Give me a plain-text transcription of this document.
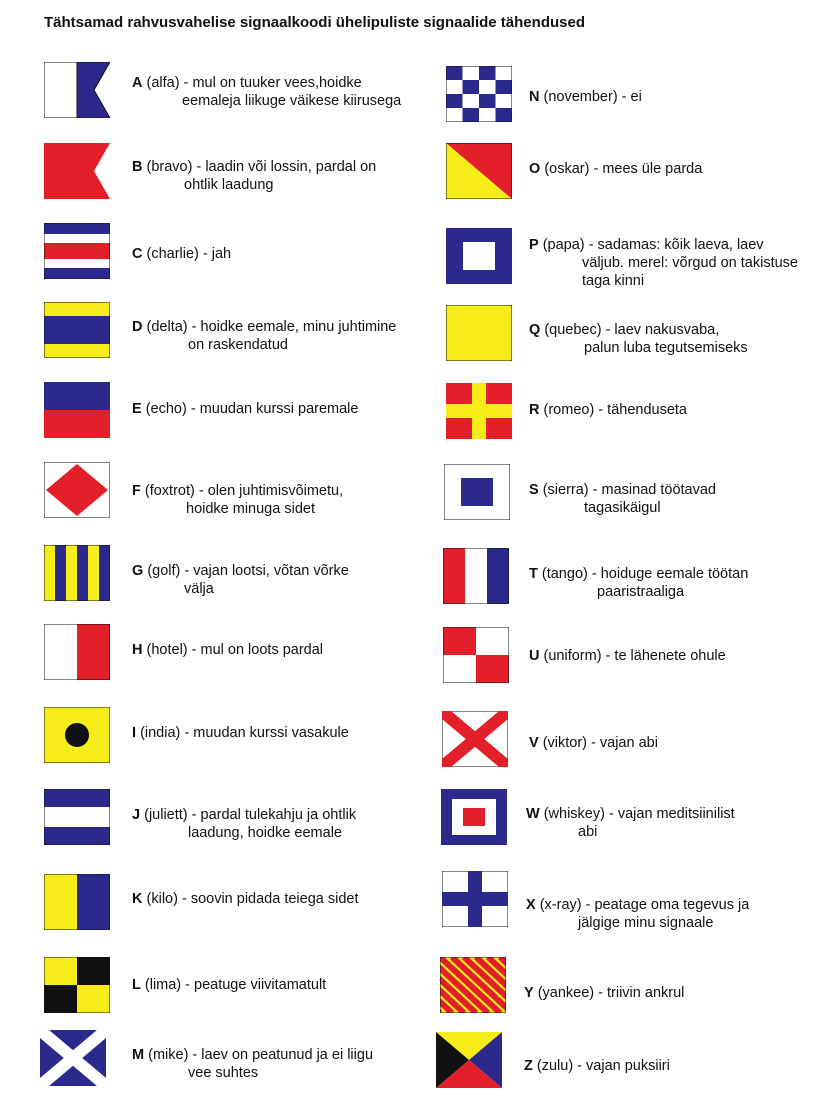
Tähtsamad rahvusvahelise signaalkoodi ühelipuliste signaalide tähendused
A (alfa) - mul on tuuker vees,hoidke
eemaleja liikuge väikese kiirusega
B (bravo) - laadin või lossin, pardal on
ohtlik laadung
C (charlie) - jah
D (delta) - hoidke eemale, minu juhtimine
on raskendatud
E (echo) - muudan kurssi paremale
F (foxtrot) - olen juhtimisvõimetu,
hoidke minuga sidet
G (golf) - vajan lootsi, võtan võrke
välja
H (hotel) - mul on loots pardal
I (india) - muudan kurssi vasakule
J (juliett) - pardal tulekahju ja ohtlik
laadung, hoidke eemale
K (kilo) - soovin pidada teiega sidet
L (lima) - peatuge viivitamatult
M (mike) - laev on peatunud ja ei liigu
vee suhtes
N (november) - ei
O (oskar) - mees üle parda
P (papa) - sadamas: kõik laeva, laev
väljub. merel: võrgud on takistuse
taga kinni
Q (quebec) - laev nakusvaba,
palun luba tegutsemiseks
R (romeo) - tähenduseta
S (sierra) - masinad töötavad
tagasikäigul
T (tango) - hoiduge eemale töötan
paaristraaliga
U (uniform) - te lähenete ohule
V (viktor) - vajan abi
W (whiskey) - vajan meditsiinilist
abi
X (x-ray) - peatage oma tegevus ja
jälgige minu signaale
Y (yankee) - triivin ankrul
Z (zulu) - vajan puksiiri
